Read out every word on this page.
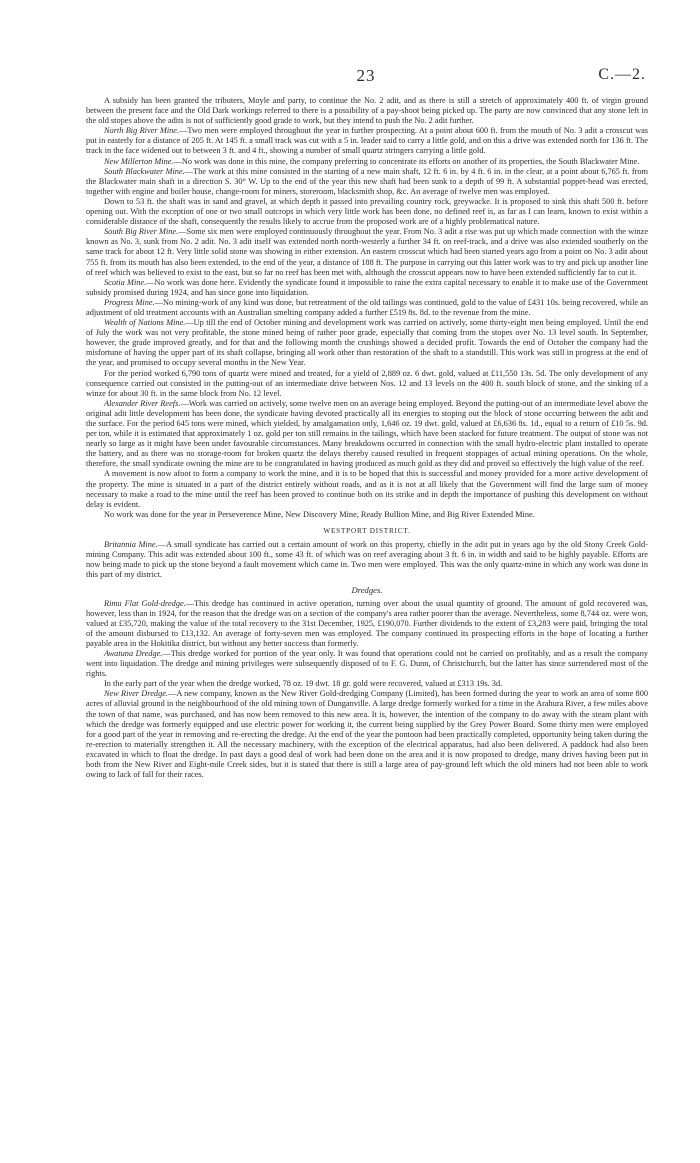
23	C.—2.

A subsidy has been granted the tributers, Moyle and party, to continue the No. 2 adit, and as there is still a stretch of approximately 400 ft. of virgin ground between the present face and the Old Dark workings referred to there is a possibility of a pay-shoot being picked up. The party are now convinced that any stone left in the old stopes above the adits is not of sufficiently good grade to work, but they intend to push the No. 2 adit further.

North Big River Mine.—Two men were employed throughout the year in further prospecting. At a point about 600 ft. from the mouth of No. 3 adit a crosscut was put in easterly for a distance of 205 ft. At 145 ft. a small track was cut with a 5 in. leader said to carry a little gold, and on this a drive was extended north for 136 ft. The track in the face widened out to between 3 ft. and 4 ft., showing a number of small quartz stringers carrying a little gold.

New Millerton Mine.—No work was done in this mine, the company preferring to concentrate its efforts on another of its properties, the South Blackwater Mine.

South Blackwater Mine.—The work at this mine consisted in the starting of a new main shaft, 12 ft. 6 in. by 4 ft. 6 in. in the clear, at a point about 6,765 ft. from the Blackwater main shaft in a direction S. 30° W. Up to the end of the year this new shaft had been sunk to a depth of 99 ft. A substantial poppet-head was erected, together with engine and boiler house, change-room for miners, storeroom, blacksmith shop, &c. An average of twelve men was employed.

Down to 53 ft. the shaft was in sand and gravel, at which depth it passed into prevailing country rock, greywacke. It is proposed to sink this shaft 500 ft. before opening out. With the exception of one or two small outcrops in which very little work has been done, no defined reef is, as far as I can learn, known to exist within a considerable distance of the shaft, consequently the results likely to accrue from the proposed work are of a highly problematical nature.

South Big River Mine.—Some six men were employed continuously throughout the year. From No. 3 adit a rise was put up which made connection with the winze known as No. 3, sunk from No. 2 adit. No. 3 adit itself was extended north north-westerly a further 34 ft. on reef-track, and a drive was also extended southerly on the same track for about 12 ft. Very little solid stone was showing in either extension. An eastern crosscut which had been started years ago from a point on No. 3 adit about 755 ft. from its mouth has also been extended, to the end of the year, a distance of 188 ft. The purpose in carrying out this latter work was to try and pick up another line of reef which was believed to exist to the east, but so far no reef has been met with, although the crosscut appears now to have been extended sufficiently far to cut it.

Scotia Mine.—No work was done here. Evidently the syndicate found it impossible to raise the extra capital necessary to enable it to make use of the Government subsidy promised during 1924, and has since gone into liquidation.

Progress Mine.—No mining-work of any kind was done, but retreatment of the old tailings was continued, gold to the value of £431 10s. being recovered, while an adjustment of old treatment accounts with an Australian smelting company added a further £519 8s. 8d. to the revenue from the mine.

Wealth of Nations Mine.—Up till the end of October mining and development work was carried on actively, some thirty-eight men being employed. Until the end of July the work was not very profitable, the stone mined being of rather poor grade, especially that coming from the stopes over No. 13 level south. In September, however, the grade improved greatly, and for that and the following month the crushings showed a decided profit. Towards the end of October the company had the misfortune of having the upper part of its shaft collapse, bringing all work other than restoration of the shaft to a standstill. This work was still in progress at the end of the year, and promised to occupy several months in the New Year.

For the period worked 6,790 tons of quartz were mined and treated, for a yield of 2,889 oz. 6 dwt. gold, valued at £11,550 13s. 5d. The only development of any consequence carried out consisted in the putting-out of an intermediate drive between Nos. 12 and 13 levels on the 400 ft. south block of stone, and the sinking of a winze for about 30 ft. in the same block from No. 12 level.

Alexander River Reefs.—Work was carried on actively, some twelve men on an average being employed. Beyond the putting-out of an intermediate level above the original adit little development has been done, the syndicate having devoted practically all its energies to stoping out the block of stone occurring between the adit and the surface. For the period 645 tons were mined, which yielded, by amalgamation only, 1,646 oz. 19 dwt. gold, valued at £6,636 8s. 1d., equal to a return of £10 5s. 9d. per ton, while it is estimated that approximately 1 oz. gold per ton still remains in the tailings, which have been stacked for future treatment. The output of stone was not nearly so large as it might have been under favourable circumstances. Many breakdowns occurred in connection with the small hydro-electric plant installed to operate the battery, and as there was no storage-room for broken quartz the delays thereby caused resulted in frequent stoppages of actual mining operations. On the whole, therefore, the small syndicate owning the mine are to be congratulated in having produced as much gold as they did and proved so effectively the high value of the reef.

A movement is now afoot to form a company to work the mine, and it is to be hoped that this is successful and money provided for a more active development of the property. The mine is situated in a part of the district entirely without roads, and as it is not at all likely that the Government will find the large sum of money necessary to make a road to the mine until the reef has been proved to continue both on its strike and in depth the importance of pushing this development on without delay is evident.

No work was done for the year in Perseverence Mine, New Discovery Mine, Ready Bullion Mine, and Big River Extended Mine.

WESTPORT DISTRICT.

Britannia Mine.—A small syndicate has carried out a certain amount of work on this property, chiefly in the adit put in years ago by the old Stony Creek Gold-mining Company. This adit was extended about 100 ft., some 43 ft. of which was on reef averaging about 3 ft. 6 in. in width and said to be highly payable. Efforts are now being made to pick up the stone beyond a fault movement which came in. Two men were employed. This was the only quartz-mine in which any work was done in this part of my district.

Dredges.

Rimu Flat Gold-dredge.—This dredge has continued in active operation, turning over about the usual quantity of ground. The amount of gold recovered was, however, less than in 1924, for the reason that the dredge was on a section of the company's area rather poorer than the average. Nevertheless, some 8,744 oz. were won, valued at £35,720, making the value of the total recovery to the 31st December, 1925, £190,070. Further dividends to the extent of £3,283 were paid, bringing the total of the amount disbursed to £13,132. An average of forty-seven men was employed. The company continued its prospecting efforts in the hope of locating a further payable area in the Hokitika district, but without any better success than formerly.

Awatuna Dredge.—This dredge worked for portion of the year only. It was found that operations could not be carried on profitably, and as a result the company went into liquidation. The dredge and mining privileges were subsequently disposed of to F. G. Dunn, of Christchurch, but the latter has since surrendered most of the rights.

In the early part of the year when the dredge worked, 78 oz. 19 dwt. 18 gr. gold were recovered, valued at £313 19s. 3d.

New River Dredge.—A new company, known as the New River Gold-dredging Company (Limited), has been formed during the year to work an area of some 800 acres of alluvial ground in the neighbourhood of the old mining town of Dunganville. A large dredge formerly worked for a time in the Arahura River, a few miles above the town of that name, was purchased, and has now been removed to this new area. It is, however, the intention of the company to do away with the steam plant with which the dredge was formerly equipped and use electric power for working it, the current being supplied by the Grey Power Board. Some thirty men were employed for a good part of the year in removing and re-erecting the dredge. At the end of the year the pontoon had been practically completed, opportunity being taken during the re-erection to materially strengthen it. All the necessary machinery, with the exception of the electrical apparatus, had also been delivered. A paddock had also been excavated in which to float the dredge. In past days a good deal of work had been done on the area and it is now proposed to dredge, many drives having been put in both from the New River and Eight-mile Creek sides, but it is stated that there is still a large area of pay-ground left which the old miners had not been able to work owing to lack of fall for their races.
